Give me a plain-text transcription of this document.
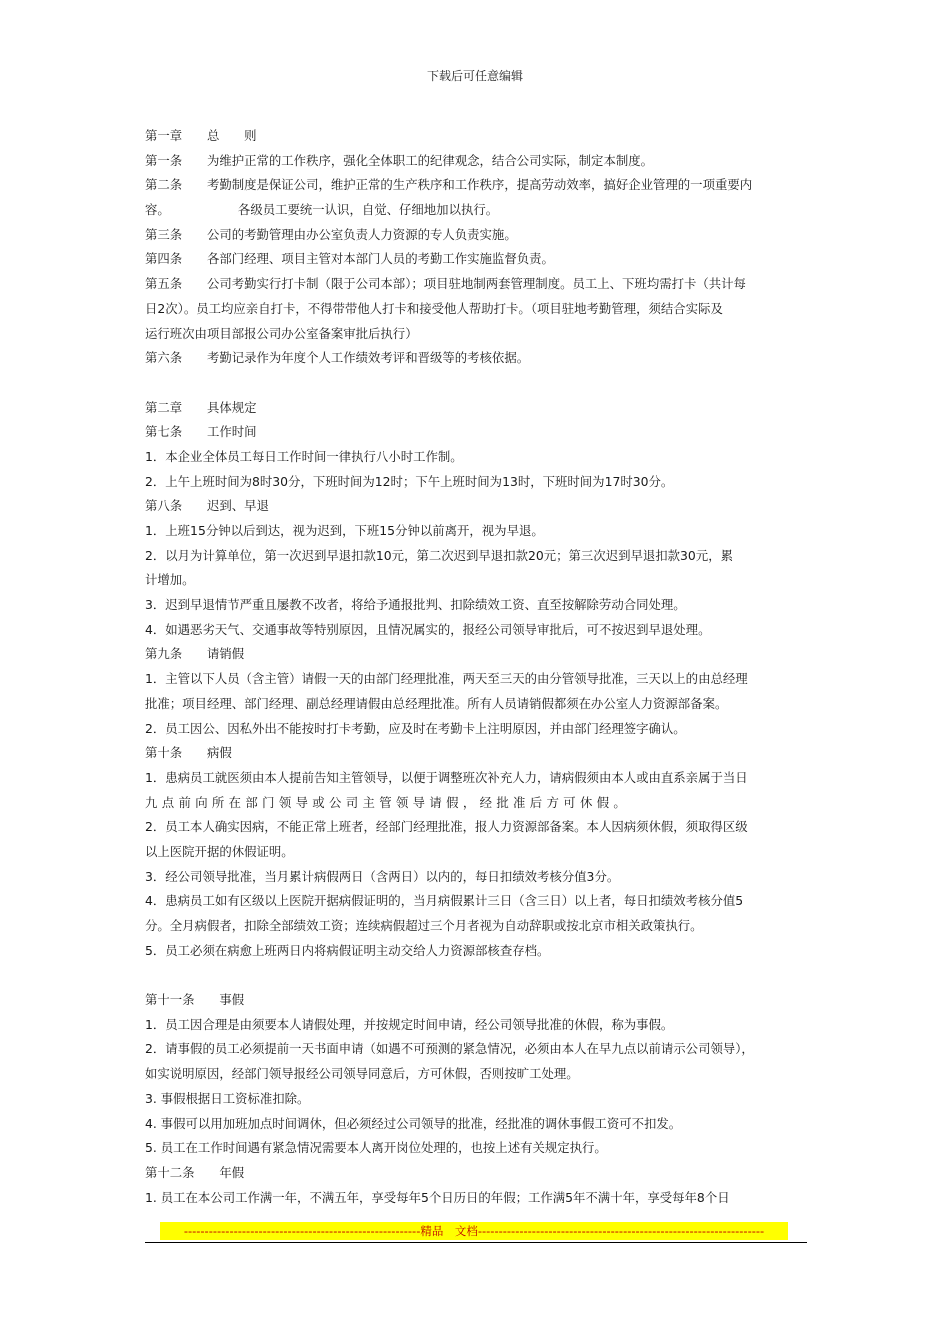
下载后可任意编辑
第一章　　总　　则
第一条　　为维护正常的工作秩序，强化全体职工的纪律观念，结合公司实际，制定本制度。
第二条　　考勤制度是保证公司，维护正常的生产秩序和工作秩序，提高劳动效率，搞好企业管理的一项重要内
容。　　　　　　各级员工要统一认识，自觉、仔细地加以执行。
第三条　　公司的考勤管理由办公室负责人力资源的专人负责实施。
第四条　　各部门经理、项目主管对本部门人员的考勤工作实施监督负责。
第五条　　公司考勤实行打卡制（限于公司本部）；项目驻地制两套管理制度。员工上、下班均需打卡（共计每
日2次）。员工均应亲自打卡，不得带带他人打卡和接受他人帮助打卡。（项目驻地考勤管理，须结合实际及
运行班次由项目部报公司办公室备案审批后执行）
第六条　　考勤记录作为年度个人工作绩效考评和晋级等的考核依据。
第二章　　具体规定
第七条　　工作时间
1．本企业全体员工每日工作时间一律执行八小时工作制。
2．上午上班时间为8时30分，下班时间为12时；下午上班时间为13时，下班时间为17时30分。
第八条　　迟到、早退
1．上班15分钟以后到达，视为迟到，下班15分钟以前离开，视为早退。
2．以月为计算单位，第一次迟到早退扣款10元，第二次迟到早退扣款20元；第三次迟到早退扣款30元，累
计增加。
3．迟到早退情节严重且屡教不改者，将给予通报批判、扣除绩效工资、直至按解除劳动合同处理。
4．如遇恶劣天气、交通事故等特别原因，且情况属实的，报经公司领导审批后，可不按迟到早退处理。
第九条　　请销假
1．主管以下人员（含主管）请假一天的由部门经理批准，两天至三天的由分管领导批准，三天以上的由总经理
批准；项目经理、部门经理、副总经理请假由总经理批准。所有人员请销假都须在办公室人力资源部备案。
2．员工因公、因私外出不能按时打卡考勤，应及时在考勤卡上注明原因，并由部门经理签字确认。
第十条　　病假
1．患病员工就医须由本人提前告知主管领导，以便于调整班次补充人力，请病假须由本人或由直系亲属于当日
九 点 前 向 所 在 部 门 领 导 或 公 司 主 管 领 导 请 假 ， 经 批 准 后 方 可 休 假 。
2．员工本人确实因病，不能正常上班者，经部门经理批准，报人力资源部备案。本人因病须休假，须取得区级
以上医院开据的休假证明。
3．经公司领导批准，当月累计病假两日（含两日）以内的，每日扣绩效考核分值3分。
4．患病员工如有区级以上医院开据病假证明的，当月病假累计三日（含三日）以上者，每日扣绩效考核分值5
分。全月病假者，扣除全部绩效工资；连续病假超过三个月者视为自动辞职或按北京市相关政策执行。
5．员工必须在病愈上班两日内将病假证明主动交给人力资源部核查存档。
第十一条　　事假
1．员工因合理是由须要本人请假处理，并按规定时间申请，经公司领导批准的休假，称为事假。
2．请事假的员工必须提前一天书面申请（如遇不可预测的紧急情况，必须由本人在早九点以前请示公司领导），
如实说明原因，经部门领导报经公司领导同意后，方可休假，否则按旷工处理。
3. 事假根据日工资标准扣除。
4. 事假可以用加班加点时间调休，但必须经过公司领导的批准，经批准的调休事假工资可不扣发。
5. 员工在工作时间遇有紧急情况需要本人离开岗位处理的，也按上述有关规定执行。
第十二条　　年假
1. 员工在本公司工作满一年，不满五年，享受每年5个日历日的年假；工作满5年不满十年，享受每年8个日
---------------------------------------------------------精品　文档---------------------------------------------------------------------
